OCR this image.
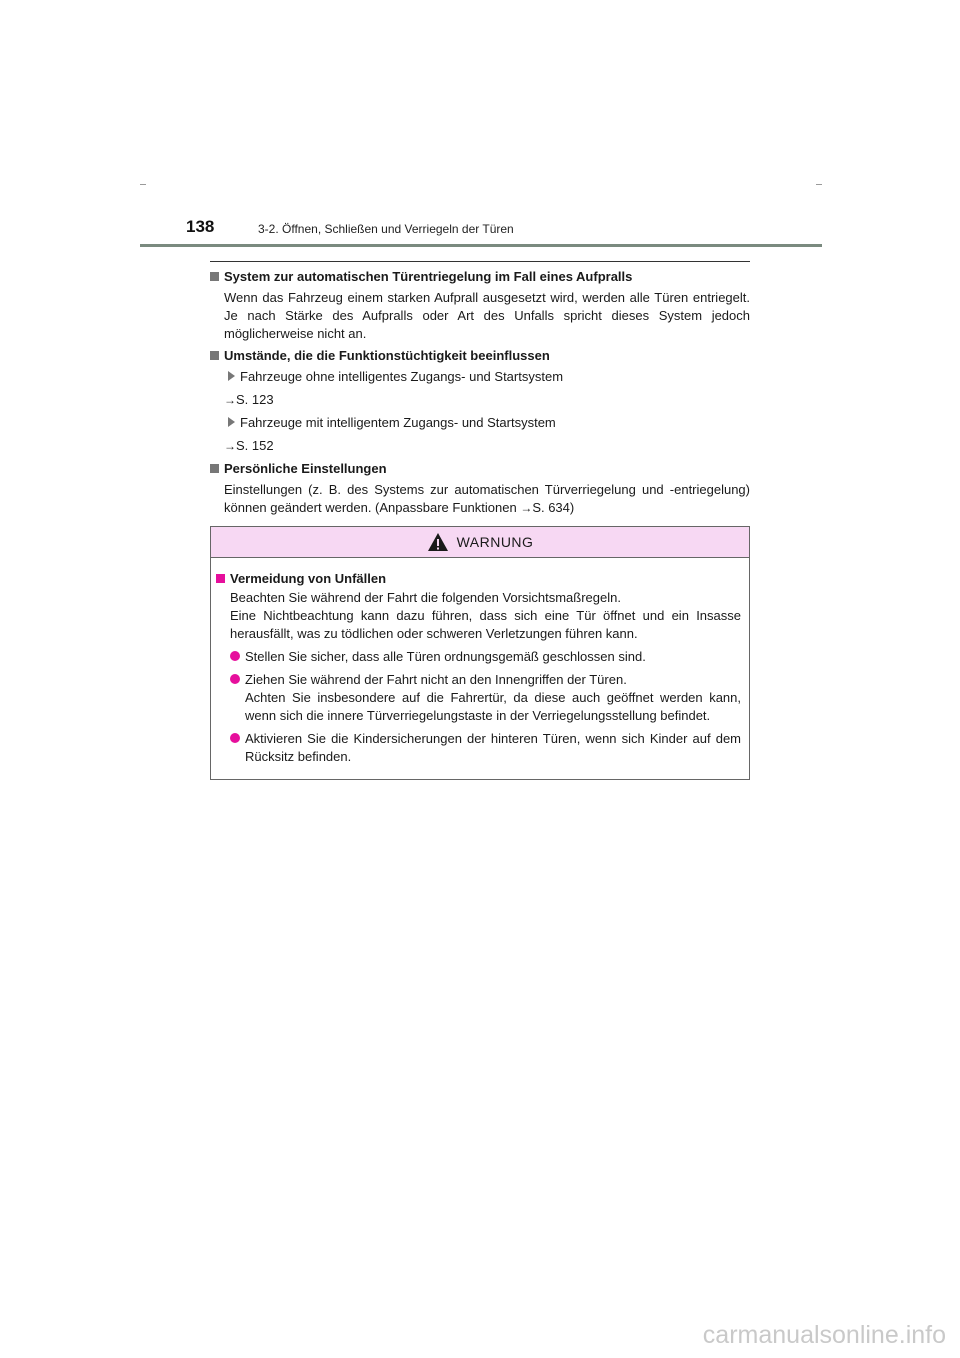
138	3-2. Öffnen, Schließen und Verriegeln der Türen
System zur automatischen Türentriegelung im Fall eines Aufpralls
Wenn das Fahrzeug einem starken Aufprall ausgesetzt wird, werden alle Türen entriegelt. Je nach Stärke des Aufpralls oder Art des Unfalls spricht dieses System jedoch möglicherweise nicht an.
Umstände, die die Funktionstüchtigkeit beeinflussen
Fahrzeuge ohne intelligentes Zugangs- und Startsystem
→S. 123
Fahrzeuge mit intelligentem Zugangs- und Startsystem
→S. 152
Persönliche Einstellungen
Einstellungen (z. B. des Systems zur automatischen Türverriegelung und -entriegelung) können geändert werden. (Anpassbare Funktionen →S. 634)
WARNUNG
Vermeidung von Unfällen
Beachten Sie während der Fahrt die folgenden Vorsichtsmaßregeln.
Eine Nichtbeachtung kann dazu führen, dass sich eine Tür öffnet und ein Insasse herausfällt, was zu tödlichen oder schweren Verletzungen führen kann.
Stellen Sie sicher, dass alle Türen ordnungsgemäß geschlossen sind.
Ziehen Sie während der Fahrt nicht an den Innengriffen der Türen.
Achten Sie insbesondere auf die Fahrertür, da diese auch geöffnet werden kann, wenn sich die innere Türverriegelungstaste in der Verriegelungsstellung befindet.
Aktivieren Sie die Kindersicherungen der hinteren Türen, wenn sich Kinder auf dem Rücksitz befinden.
carmanualsonline.info
